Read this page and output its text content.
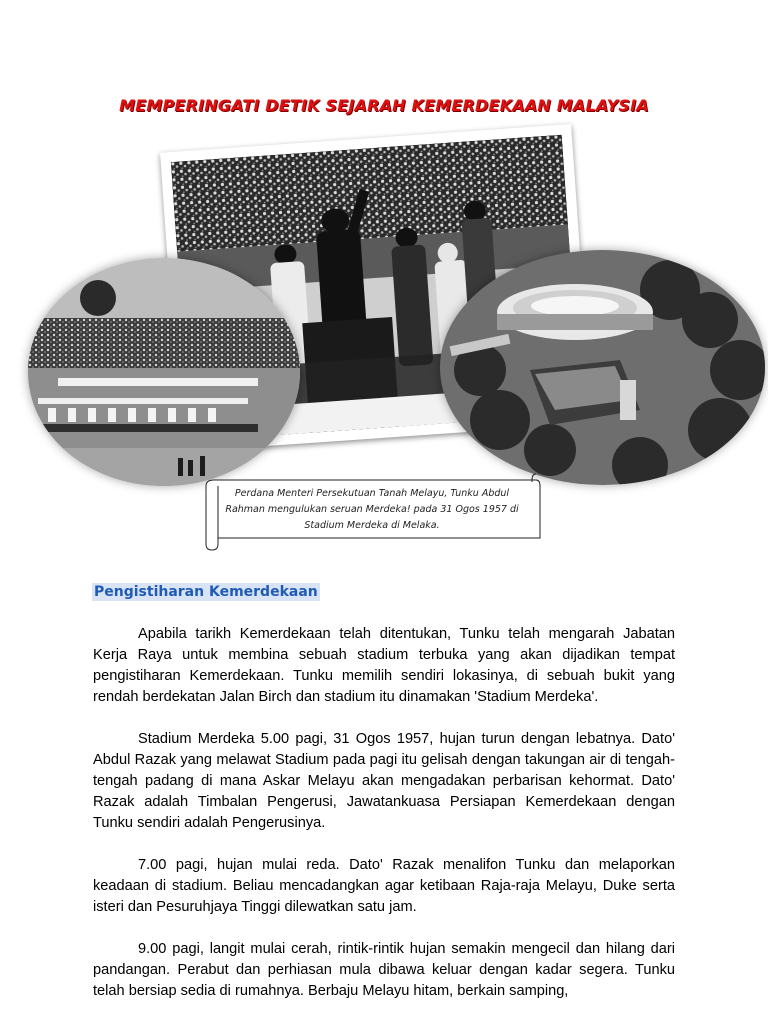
MEMPERINGATI DETIK SEJARAH KEMERDEKAAN MALAYSIA
Perdana Menteri Persekutuan Tanah Melayu, Tunku Abdul Rahman mengulukan seruan Merdeka! pada 31 Ogos 1957 di Stadium Merdeka di Melaka.
Pengistiharan Kemerdekaan

Apabila tarikh Kemerdekaan telah ditentukan, Tunku telah mengarah Jabatan Kerja Raya untuk membina sebuah stadium terbuka yang akan dijadikan tempat pengistiharan Kemerdekaan. Tunku memilih sendiri lokasinya, di sebuah bukit yang rendah berdekatan Jalan Birch dan stadium itu dinamakan 'Stadium Merdeka'.

Stadium Merdeka 5.00 pagi, 31 Ogos 1957, hujan turun dengan lebatnya. Dato' Abdul Razak yang melawat Stadium pada pagi itu gelisah dengan takungan air di tengah-tengah padang di mana Askar Melayu akan mengadakan perbarisan kehormat. Dato' Razak adalah Timbalan Pengerusi, Jawatankuasa Persiapan Kemerdekaan dengan Tunku sendiri adalah Pengerusinya.

7.00 pagi, hujan mulai reda. Dato' Razak menalifon Tunku dan melaporkan keadaan di stadium. Beliau mencadangkan agar ketibaan Raja-raja Melayu, Duke serta isteri dan Pesuruhjaya Tinggi dilewatkan satu jam.

9.00 pagi, langit mulai cerah, rintik-rintik hujan semakin mengecil dan hilang dari pandangan. Perabut dan perhiasan mula dibawa keluar dengan kadar segera. Tunku telah bersiap sedia di rumahnya. Berbaju Melayu hitam, berkain samping,
